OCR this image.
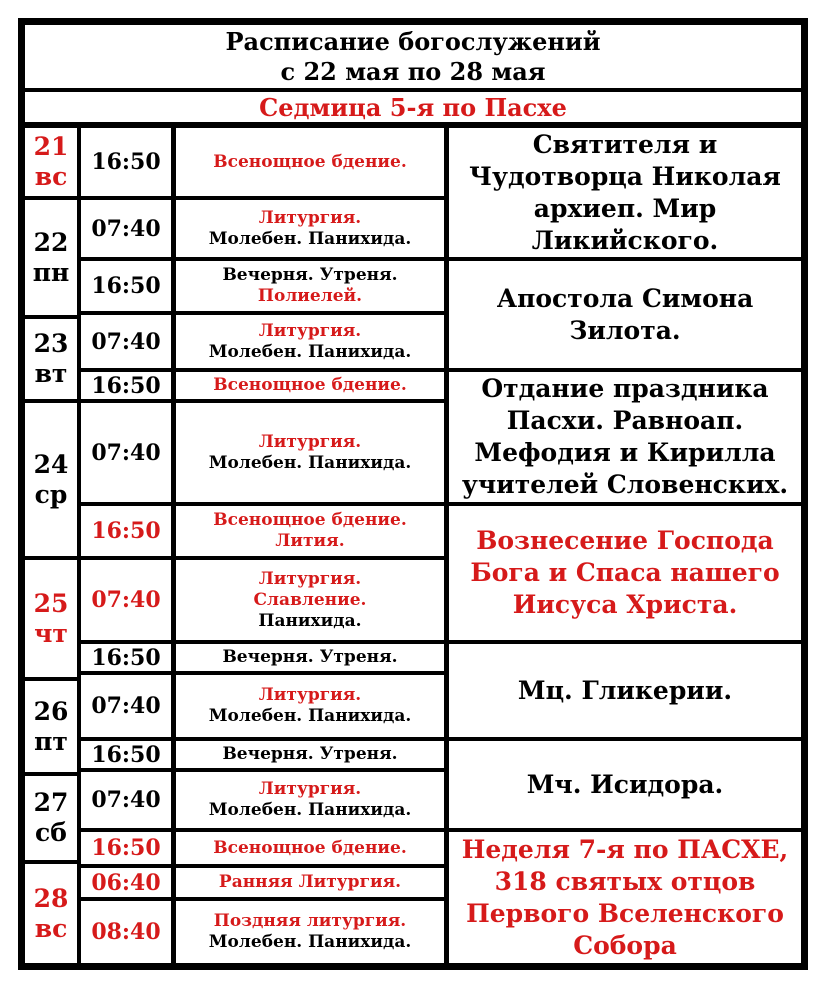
Расписание богослужений
с 22 мая по 28 мая
Седмица 5-я по Пасхе
21
вс
22
пн
23
вт
24
ср
25
чт
26
пт
27
сб
28
вс
16:50
07:40
16:50
07:40
16:50
07:40
16:50
07:40
16:50
07:40
16:50
07:40
16:50
06:40
08:40
Всенощное бдение.
Литургия.
Молебен. Панихида.
Вечерня. Утреня.
Полиелей.
Литургия.
Молебен. Панихида.
Всенощное бдение.
Литургия.
Молебен. Панихида.
Всенощное бдение.
Лития.
Литургия.
Славление.
Панихида.
Вечерня. Утреня.
Литургия.
Молебен. Панихида.
Вечерня. Утреня.
Литургия.
Молебен. Панихида.
Всенощное бдение.
Ранняя Литургия.
Поздняя литургия.
Молебен. Панихида.
Святителя и
Чудотворца Николая
архиеп. Мир
Ликийского.
Апостола Симона
Зилота.
Отдание праздника
Пасхи. Равноап.
Мефодия и Кирилла
учителей Словенских.
Вознесение Господа
Бога и Спаса нашего
Иисуса Христа.
Мц. Гликерии.
Мч. Исидора.
Неделя 7-я по ПАСХЕ,
318 святых отцов
Первого Вселенского
Собора
